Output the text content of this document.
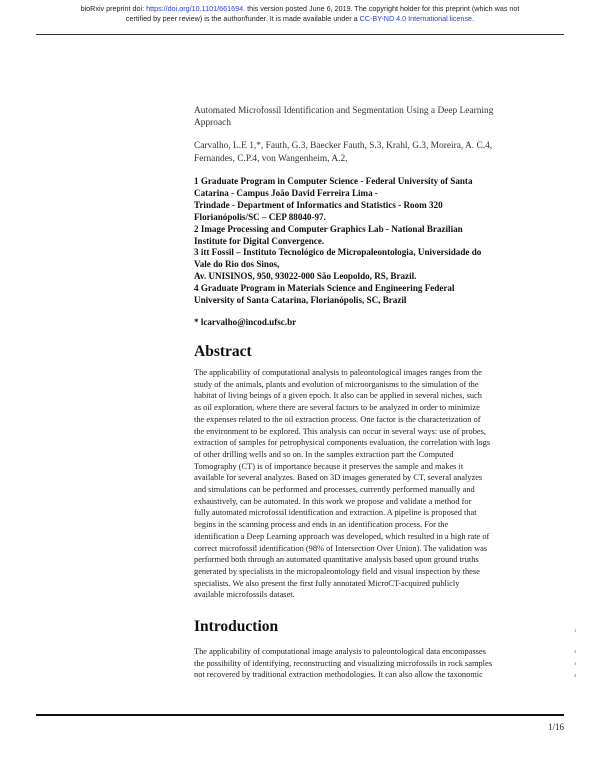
bioRxiv preprint doi: https://doi.org/10.1101/661694. this version posted June 6, 2019. The copyright holder for this preprint (which was not
certified by peer review) is the author/funder. It is made available under a CC-BY-ND 4.0 International license.
Automated Microfossil Identification and Segmentation Using a Deep Learning
Approach
Carvalho, L.E 1,*, Fauth, G.3, Baecker Fauth, S.3, Krahl, G.3, Moreira, A. C.4,
Fernandes, C.P.4, von Wangenheim, A.2,
1 Graduate Program in Computer Science - Federal University of Santa
Catarina - Campus João David Ferreira Lima -
Trindade - Department of Informatics and Statistics - Room 320
Florianópolis/SC – CEP 88040-97.
2 Image Processing and Computer Graphics Lab - National Brazilian
Institute for Digital Convergence.
3 itt Fossil – Instituto Tecnológico de Micropaleontologia, Universidade do
Vale do Rio dos Sinos,
Av. UNISINOS, 950, 93022-000 São Leopoldo, RS, Brazil.
4 Graduate Program in Materials Science and Engineering Federal
University of Santa Catarina, Florianópolis, SC, Brazil
* lcarvalho@incod.ufsc.br
Abstract
The applicability of computational analysis to paleontological images ranges from the
study of the animals, plants and evolution of microorganisms to the simulation of the
habitat of living beings of a given epoch. It also can be applied in several niches, such
as oil exploration, where there are several factors to be analyzed in order to minimize
the expenses related to the oil extraction process. One factor is the characterization of
the environment to be explored. This analysis can occur in several ways: use of probes,
extraction of samples for petrophysical components evaluation, the correlation with logs
of other drilling wells and so on. In the samples extraction part the Computed
Tomography (CT) is of importance because it preserves the sample and makes it
available for several analyzes. Based on 3D images generated by CT, several analyzes
and simulations can be performed and processes, currently performed manually and
exhaustively, can be automated. In this work we propose and validate a method for
fully automated microfossil identification and extraction. A pipeline is proposed that
begins in the scanning process and ends in an identification process. For the
identification a Deep Learning approach was developed, which resulted in a high rate of
correct microfossil identification (98% of Intersection Over Union). The validation was
performed both through an automated quantitative analysis based upon ground truths
generated by specialists in the micropaleontology field and visual inspection by these
specialists. We also present the first fully annotated MicroCT-acquired publicly
available microfossils dataset.
Introduction	1
2
3
4
The applicability of computational image analysis to paleontological data encompasses
the possibility of identifying, reconstructing and visualizing microfossils in rock samples
not recovered by traditional extraction methodologies. It can also allow the taxonomic
1/16
